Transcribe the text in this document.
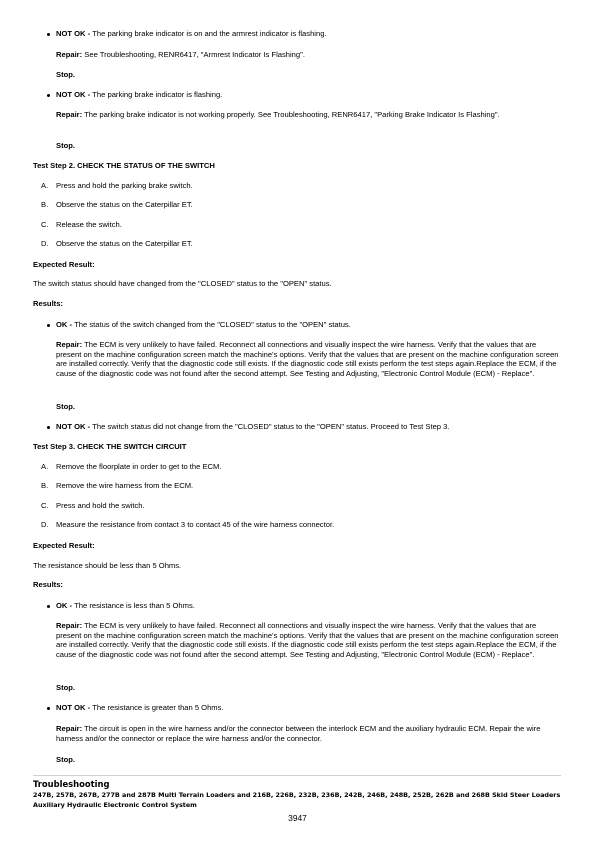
NOT OK - The parking brake indicator is on and the armrest indicator is flashing.

Repair: See Troubleshooting, RENR6417, "Armrest Indicator Is Flashing".
Stop.

NOT OK - The parking brake indicator is flashing.

Repair: The parking brake indicator is not working properly. See Troubleshooting, RENR6417, "Parking Brake Indicator Is Flashing".
Stop.
Test Step 2. CHECK THE STATUS OF THE SWITCH
A. Press and hold the parking brake switch.
B. Observe the status on the Caterpillar ET.
C. Release the switch.
D. Observe the status on the Caterpillar ET.
Expected Result:
The switch status should have changed from the "CLOSED" status to the "OPEN" status.
Results:

OK - The status of the switch changed from the "CLOSED" status to the "OPEN" status.

Repair: The ECM is very unlikely to have failed. Reconnect all connections and visually inspect the wire harness. Verify that the values that are present on the machine configuration screen match the machine's options. Verify that the values that are present on the machine configuration screen are installed correctly. Verify that the diagnostic code still exists. If the diagnostic code still exists perform the test steps again.Replace the ECM, if the cause of the diagnostic code was not found after the second attempt. See Testing and Adjusting, "Electronic Control Module (ECM) - Replace".
Stop.

NOT OK - The switch status did not change from the "CLOSED" status to the "OPEN" status. Proceed to Test Step 3.

Test Step 3. CHECK THE SWITCH CIRCUIT
A. Remove the floorplate in order to get to the ECM.
B. Remove the wire harness from the ECM.
C. Press and hold the switch.
D. Measure the resistance from contact 3 to contact 45 of the wire harness connector.
Expected Result:
The resistance should be less than 5 Ohms.
Results:

OK - The resistance is less than 5 Ohms.

Repair: The ECM is very unlikely to have failed. Reconnect all connections and visually inspect the wire harness. Verify that the values that are present on the machine configuration screen match the machine's options. Verify that the values that are present on the machine configuration screen are installed correctly. Verify that the diagnostic code still exists. If the diagnostic code still exists perform the test steps again.Replace the ECM, if the cause of the diagnostic code was not found after the second attempt. See Testing and Adjusting, "Electronic Control Module (ECM) - Replace".
Stop.

NOT OK - The resistance is greater than 5 Ohms.

Repair: The circuit is open in the wire harness and/or the connector between the interlock ECM and the auxiliary hydraulic ECM. Repair the wire harness and/or the connector or replace the wire harness and/or the connector.
Stop.
Troubleshooting
247B, 257B, 267B, 277B and 287B Multi Terrain Loaders and 216B, 226B, 232B, 236B, 242B, 246B, 248B, 252B, 262B and 268B Skid Steer Loaders Auxiliary Hydraulic Electronic Control System
3947
